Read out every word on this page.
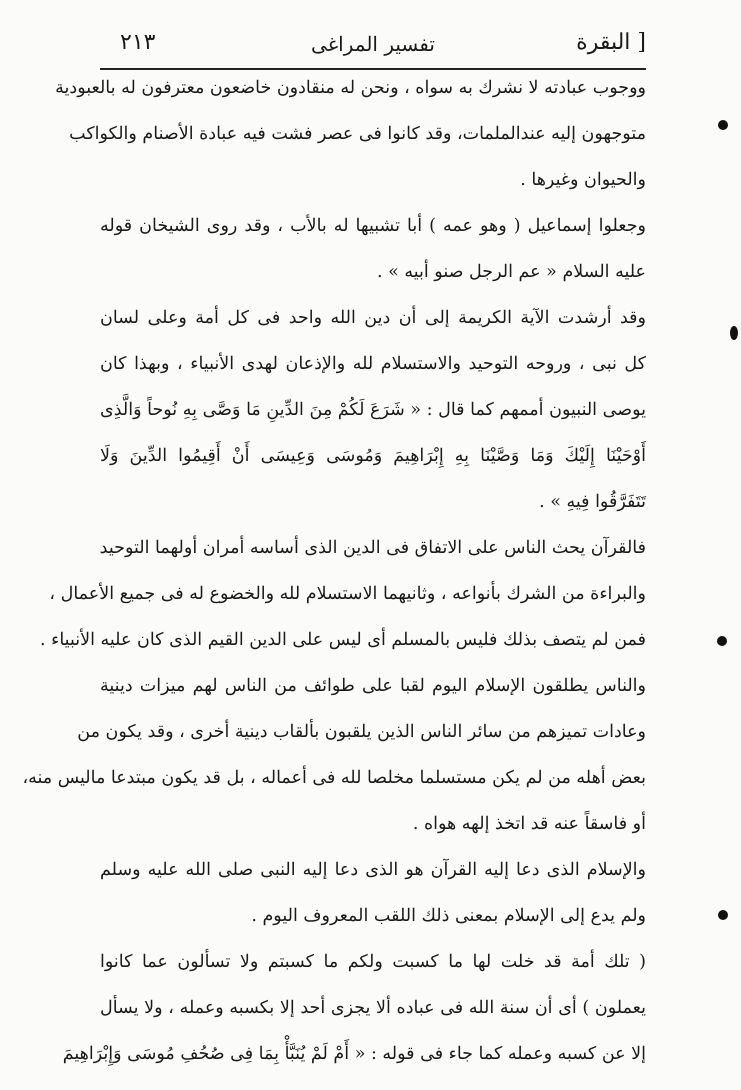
البقرة ]
تفسير المراغى
٢١٣
ووجوب عبادته لا نشرك به سواه ، ونحن له منقادون خاضعون معترفون له بالعبودية
متوجهون إليه عندالملمات، وقد كانوا فى عصر فشت فيه عبادة الأصنام والكواكب
والحيوان وغيرها .
وجعلوا إسماعيل ( وهو عمه ) أبا تشبيها له بالأب ، وقد روى الشيخان قوله
عليه السلام « عم الرجل صنو أبيه » .
وقد أرشدت الآية الكريمة إلى أن دين الله واحد فى كل أمة وعلى لسان
كل نبى ، وروحه التوحيد والاستسلام لله والإذعان لهدى الأنبياء ، وبهذا كان
يوصى النبيون أممهم كما قال : « شَرَعَ لَكُمْ مِنَ الدِّينِ مَا وَصَّى بِهِ نُوحاً وَالَّذِى
أَوْحَيْنَا إِلَيْكَ وَمَا وَصَّيْنَا بِهِ إِبْرَاهِيمَ وَمُوسَى وَعِيسَى أَنْ أَقِيمُوا الدِّينَ وَلَا
تَتَفَرَّقُوا فِيهِ » .
فالقرآن يحث الناس على الاتفاق فى الدين الذى أساسه أمران أولهما التوحيد
والبراءة من الشرك بأنواعه ، وثانيهما الاستسلام لله والخضوع له فى جميع الأعمال ،
فمن لم يتصف بذلك فليس بالمسلم أى ليس على الدين القيم الذى كان عليه الأنبياء .
والناس يطلقون الإسلام اليوم لقبا على طوائف من الناس لهم ميزات دينية
وعادات تميزهم من سائر الناس الذين يلقبون بألقاب دينية أخرى ، وقد يكون من
بعض أهله من لم يكن مستسلما مخلصا لله فى أعماله ، بل قد يكون مبتدعا ماليس منه،
أو فاسقاً عنه قد اتخذ إلهه هواه .
والإسلام الذى دعا إليه القرآن هو الذى دعا إليه النبى صلى الله عليه وسلم
ولم يدع إلى الإسلام بمعنى ذلك اللقب المعروف اليوم .
( تلك أمة قد خلت لها ما كسبت ولكم ما كسبتم ولا تسألون عما كانوا
يعملون ) أى أن سنة الله فى عباده ألا يجزى أحد إلا بكسبه وعمله ، ولا يسأل
إلا عن كسبه وعمله كما جاء فى قوله : « أَمْ لَمْ يُنَبَّأْ بِمَا فِى صُحُفِ مُوسَى وَإِبْرَاهِيمَ
